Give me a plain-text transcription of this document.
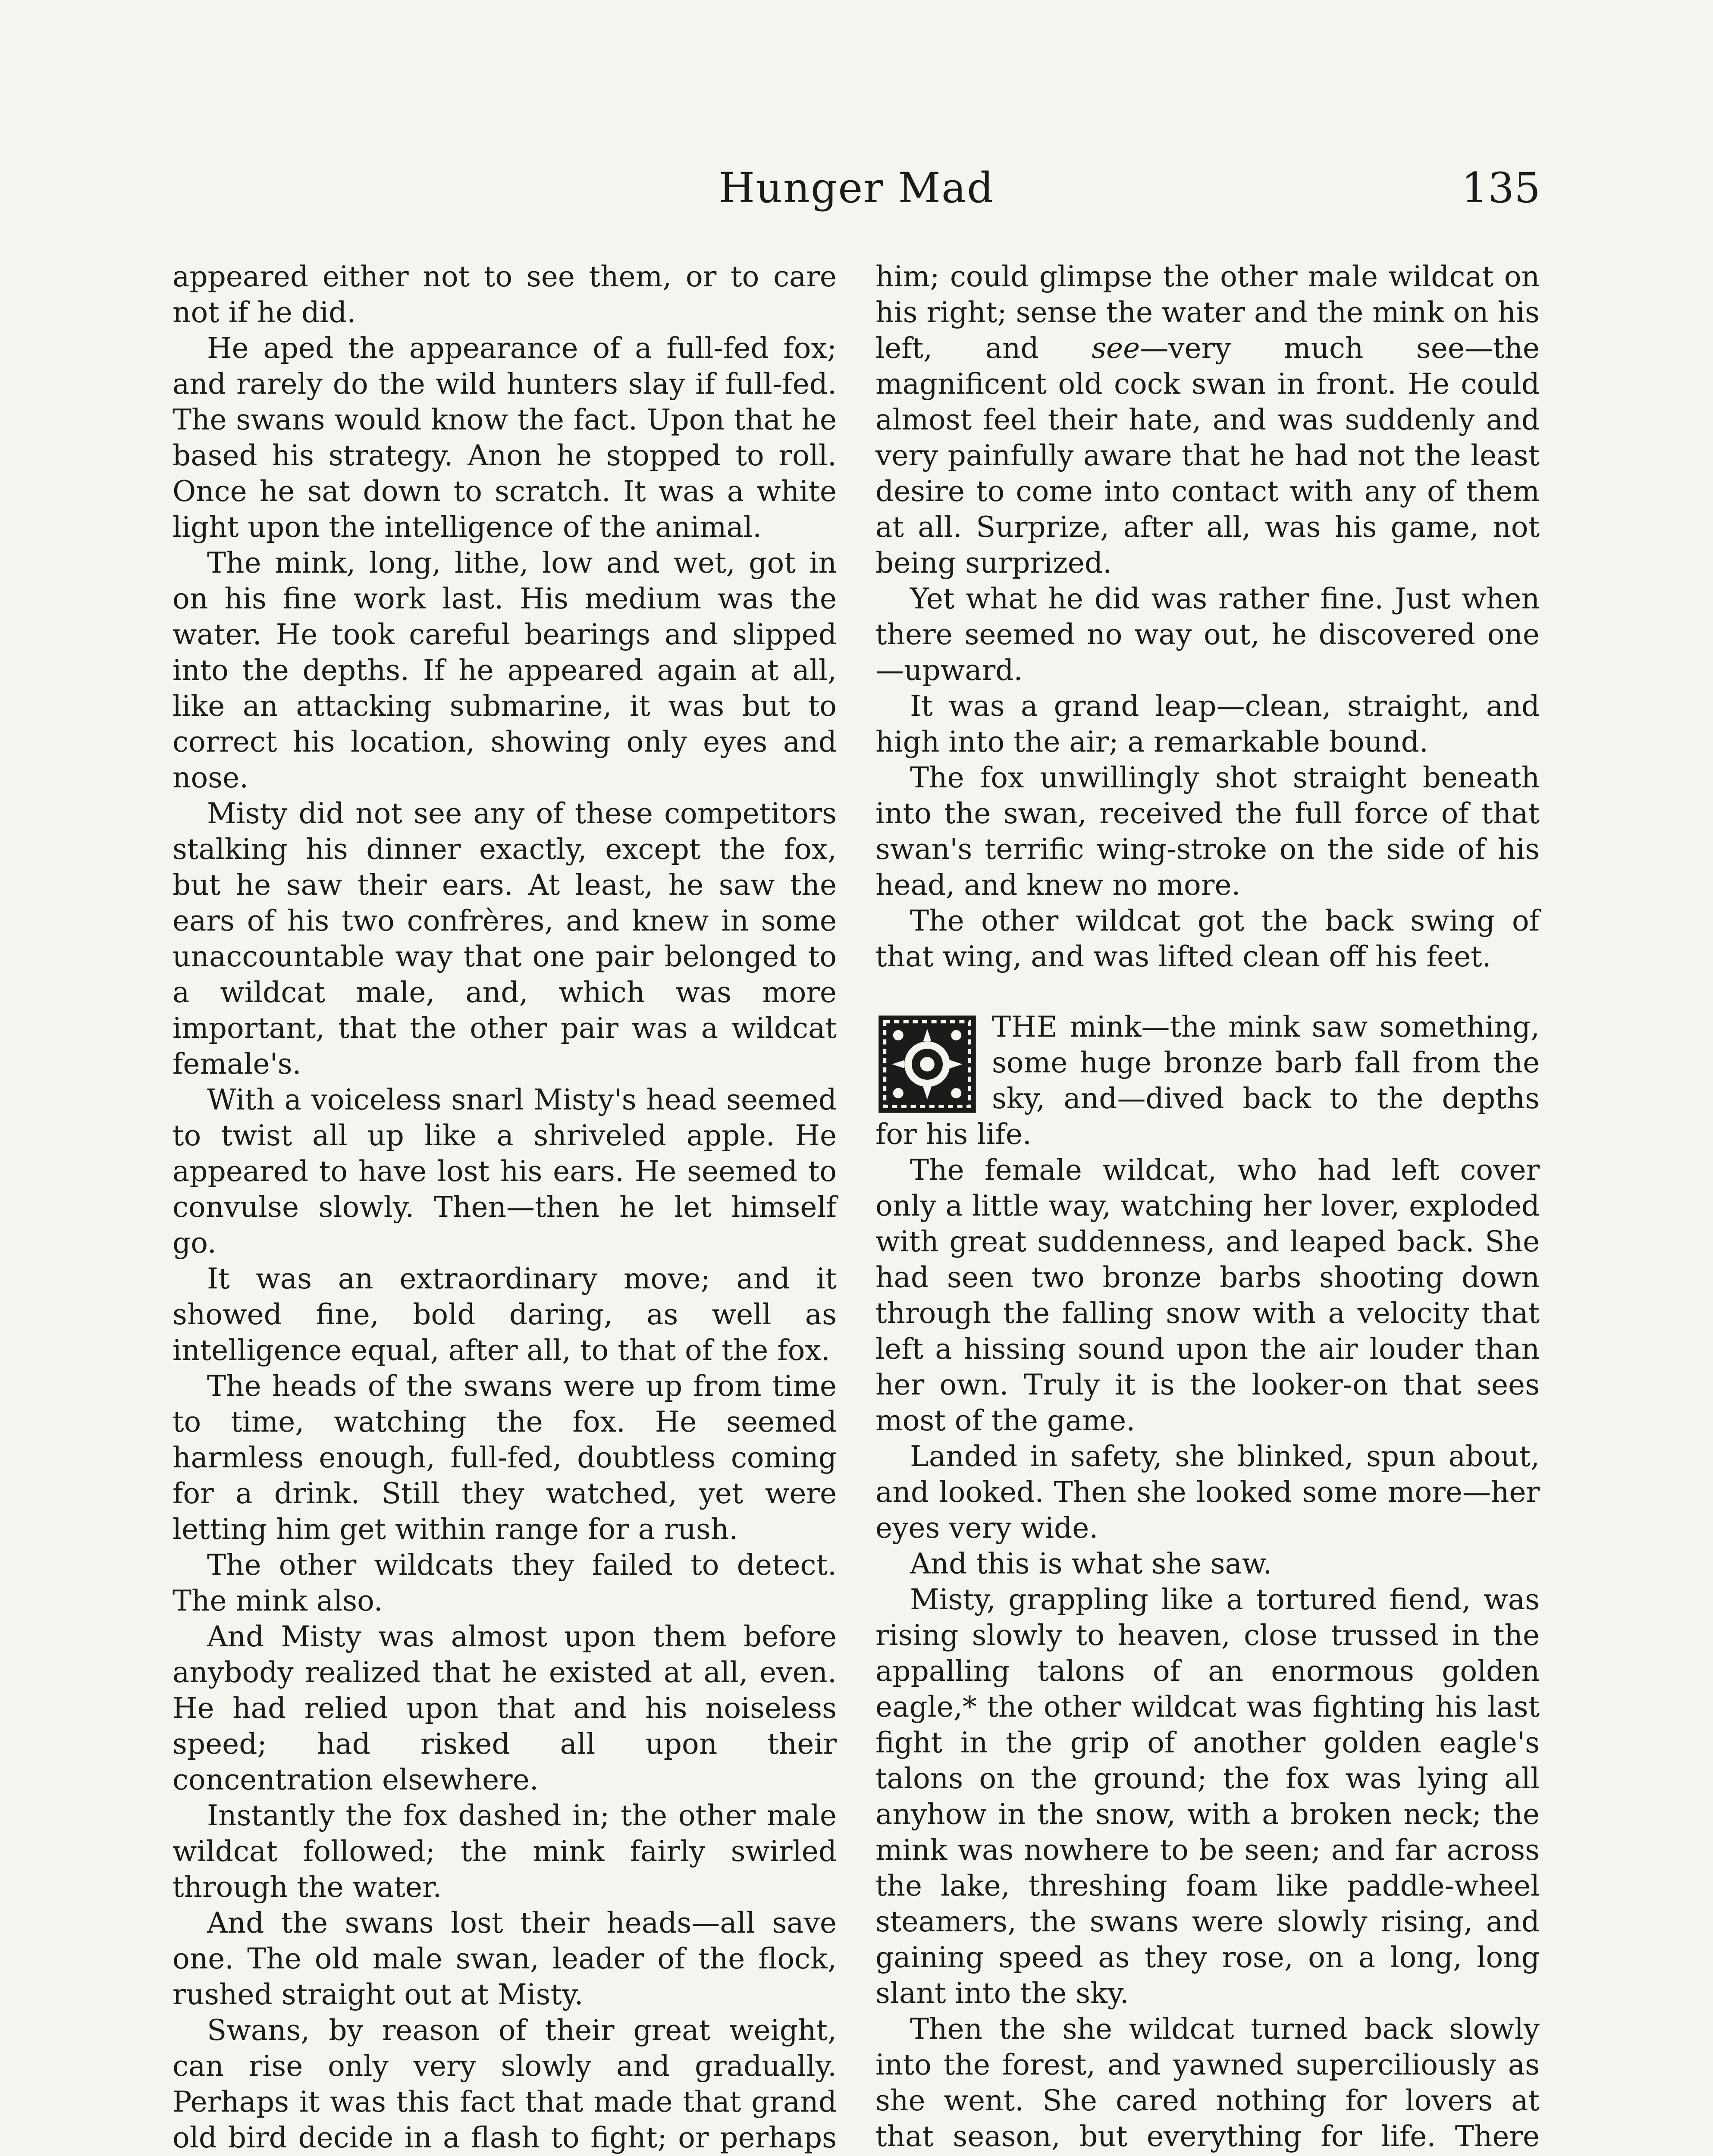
Hunger Mad	135

appeared either not to see them, or to care not if he did.

He aped the appearance of a full-fed fox; and rarely do the wild hunters slay if full-fed. The swans would know the fact. Upon that he based his strategy. Anon he stopped to roll. Once he sat down to scratch. It was a white light upon the intelligence of the animal.

The mink, long, lithe, low and wet, got in on his fine work last. His medium was the water. He took careful bearings and slipped into the depths. If he appeared again at all, like an attacking submarine, it was but to correct his location, showing only eyes and nose.

Misty did not see any of these competitors stalking his dinner exactly, except the fox, but he saw their ears. At least, he saw the ears of his two confrères, and knew in some unaccountable way that one pair belonged to a wildcat male, and, which was more important, that the other pair was a wildcat female's.

With a voiceless snarl Misty's head seemed to twist all up like a shriveled apple. He appeared to have lost his ears. He seemed to convulse slowly. Then—then he let himself go.

It was an extraordinary move; and it showed fine, bold daring, as well as intelligence equal, after all, to that of the fox.

The heads of the swans were up from time to time, watching the fox. He seemed harmless enough, full-fed, doubtless coming for a drink. Still they watched, yet were letting him get within range for a rush.

The other wildcats they failed to detect. The mink also.

And Misty was almost upon them before anybody realized that he existed at all, even. He had relied upon that and his noiseless speed; had risked all upon their concentration elsewhere.

Instantly the fox dashed in; the other male wildcat followed; the mink fairly swirled through the water.

And the swans lost their heads—all save one. The old male swan, leader of the flock, rushed straight out at Misty.

Swans, by reason of their great weight, can rise only very slowly and gradually. Perhaps it was this fact that made that grand old bird decide in a flash to fight; or perhaps

him; could glimpse the other male wildcat on his right; sense the water and the mink on his left, and see—very much see—the magnificent old cock swan in front. He could almost feel their hate, and was suddenly and very painfully aware that he had not the least desire to come into contact with any of them at all. Surprize, after all, was his game, not being surprized.

Yet what he did was rather fine. Just when there seemed no way out, he discovered one—upward.

It was a grand leap—clean, straight, and high into the air; a remarkable bound.

The fox unwillingly shot straight beneath into the swan, received the full force of that swan's terrific wing-stroke on the side of his head, and knew no more.

The other wildcat got the back swing of that wing, and was lifted clean off his feet.

THE mink—the mink saw something, some huge bronze barb fall from the sky, and—dived back to the depths for his life.

The female wildcat, who had left cover only a little way, watching her lover, exploded with great suddenness, and leaped back. She had seen two bronze barbs shooting down through the falling snow with a velocity that left a hissing sound upon the air louder than her own. Truly it is the looker-on that sees most of the game.

Landed in safety, she blinked, spun about, and looked. Then she looked some more—her eyes very wide.

And this is what she saw.

Misty, grappling like a tortured fiend, was rising slowly to heaven, close trussed in the appalling talons of an enormous golden eagle,* the other wildcat was fighting his last fight in the grip of another golden eagle's talons on the ground; the fox was lying all anyhow in the snow, with a broken neck; the mink was nowhere to be seen; and far across the lake, threshing foam like paddle-wheel steamers, the swans were slowly rising, and gaining speed as they rose, on a long, long slant into the sky.

Then the she wildcat turned back slowly into the forest, and yawned superciliously as she went. She cared nothing for lovers at that season, but everything for life. There
